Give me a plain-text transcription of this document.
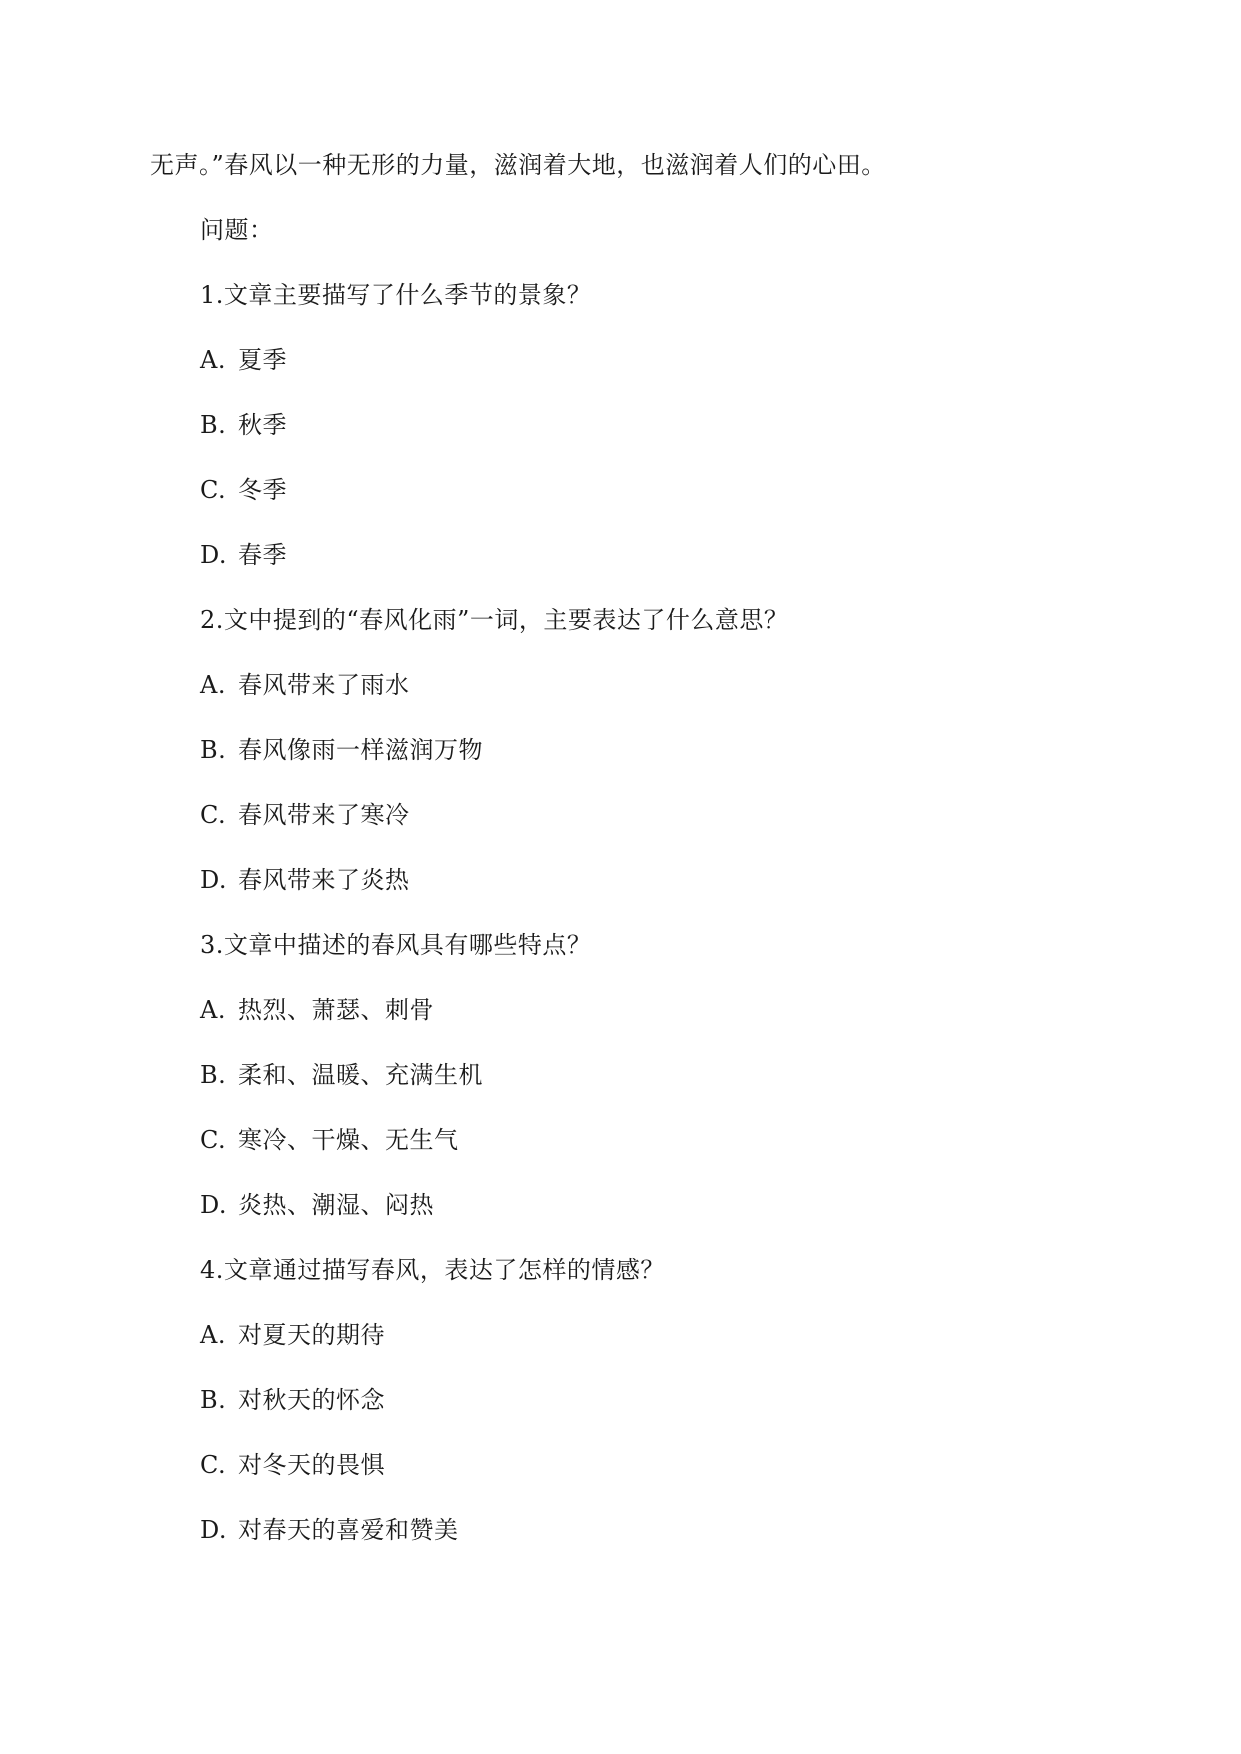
无声。”春风以一种无形的力量，滋润着大地，也滋润着人们的心田。
问题：
1.文章主要描写了什么季节的景象？
A. 夏季
B. 秋季
C. 冬季
D. 春季
2.文中提到的“春风化雨”一词，主要表达了什么意思？
A. 春风带来了雨水
B. 春风像雨一样滋润万物
C. 春风带来了寒冷
D. 春风带来了炎热
3.文章中描述的春风具有哪些特点？
A. 热烈、萧瑟、刺骨
B. 柔和、温暖、充满生机
C. 寒冷、干燥、无生气
D. 炎热、潮湿、闷热
4.文章通过描写春风，表达了怎样的情感？
A. 对夏天的期待
B. 对秋天的怀念
C. 对冬天的畏惧
D. 对春天的喜爱和赞美
